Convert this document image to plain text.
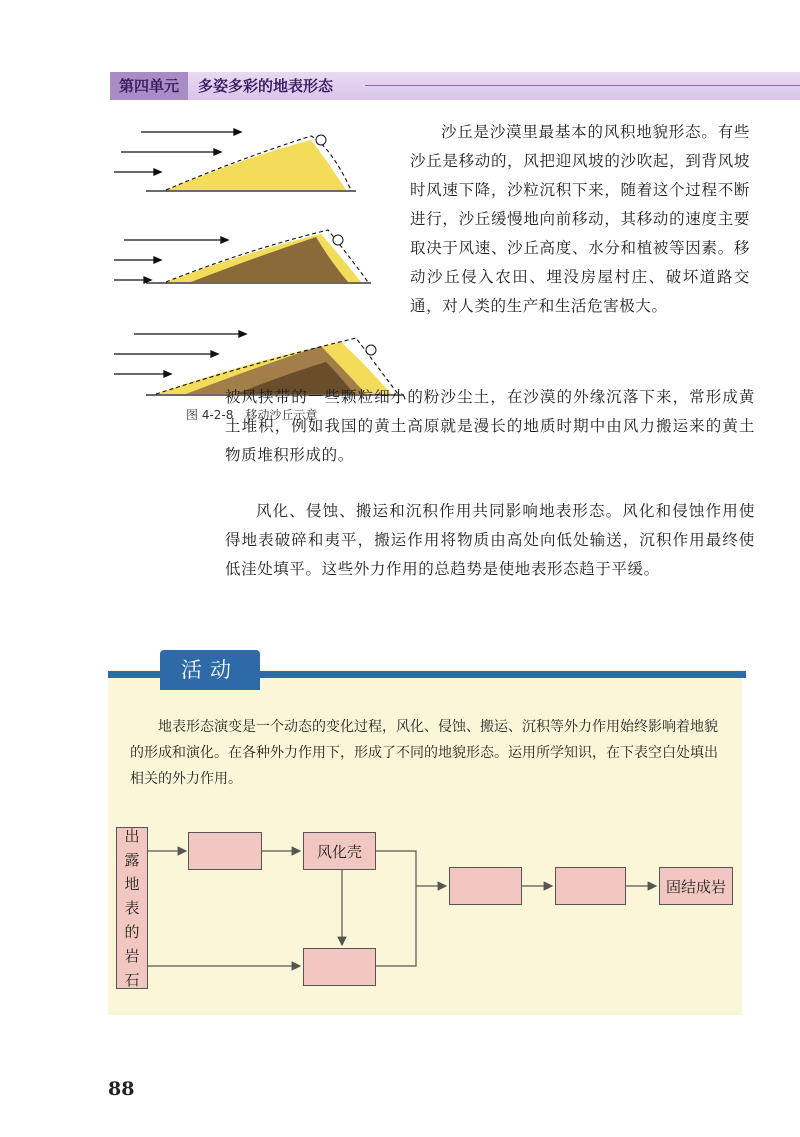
第四单元	多姿多彩的地表形态
图 4-2-8　移动沙丘示意

沙丘是沙漠里最基本的风积地貌形态。有些沙丘是移动的，风把迎风坡的沙吹起，到背风坡时风速下降，沙粒沉积下来，随着这个过程不断进行，沙丘缓慢地向前移动，其移动的速度主要取决于风速、沙丘高度、水分和植被等因素。移动沙丘侵入农田、埋没房屋村庄、破坏道路交通，对人类的生产和生活危害极大。

被风挟带的一些颗粒细小的粉沙尘土，在沙漠的外缘沉落下来，常形成黄土堆积，例如我国的黄土高原就是漫长的地质时期中由风力搬运来的黄土物质堆积形成的。

风化、侵蚀、搬运和沉积作用共同影响地表形态。风化和侵蚀作用使得地表破碎和夷平，搬运作用将物质由高处向低处输送，沉积作用最终使低洼处填平。这些外力作用的总趋势是使地表形态趋于平缓。

活动

地表形态演变是一个动态的变化过程，风化、侵蚀、搬运、沉积等外力作用始终影响着地貌的形成和演化。在各种外力作用下，形成了不同的地貌形态。运用所学知识，在下表空白处填出相关的外力作用。

出
露
地
表
的
岩
石
风化壳
固结成岩
88
